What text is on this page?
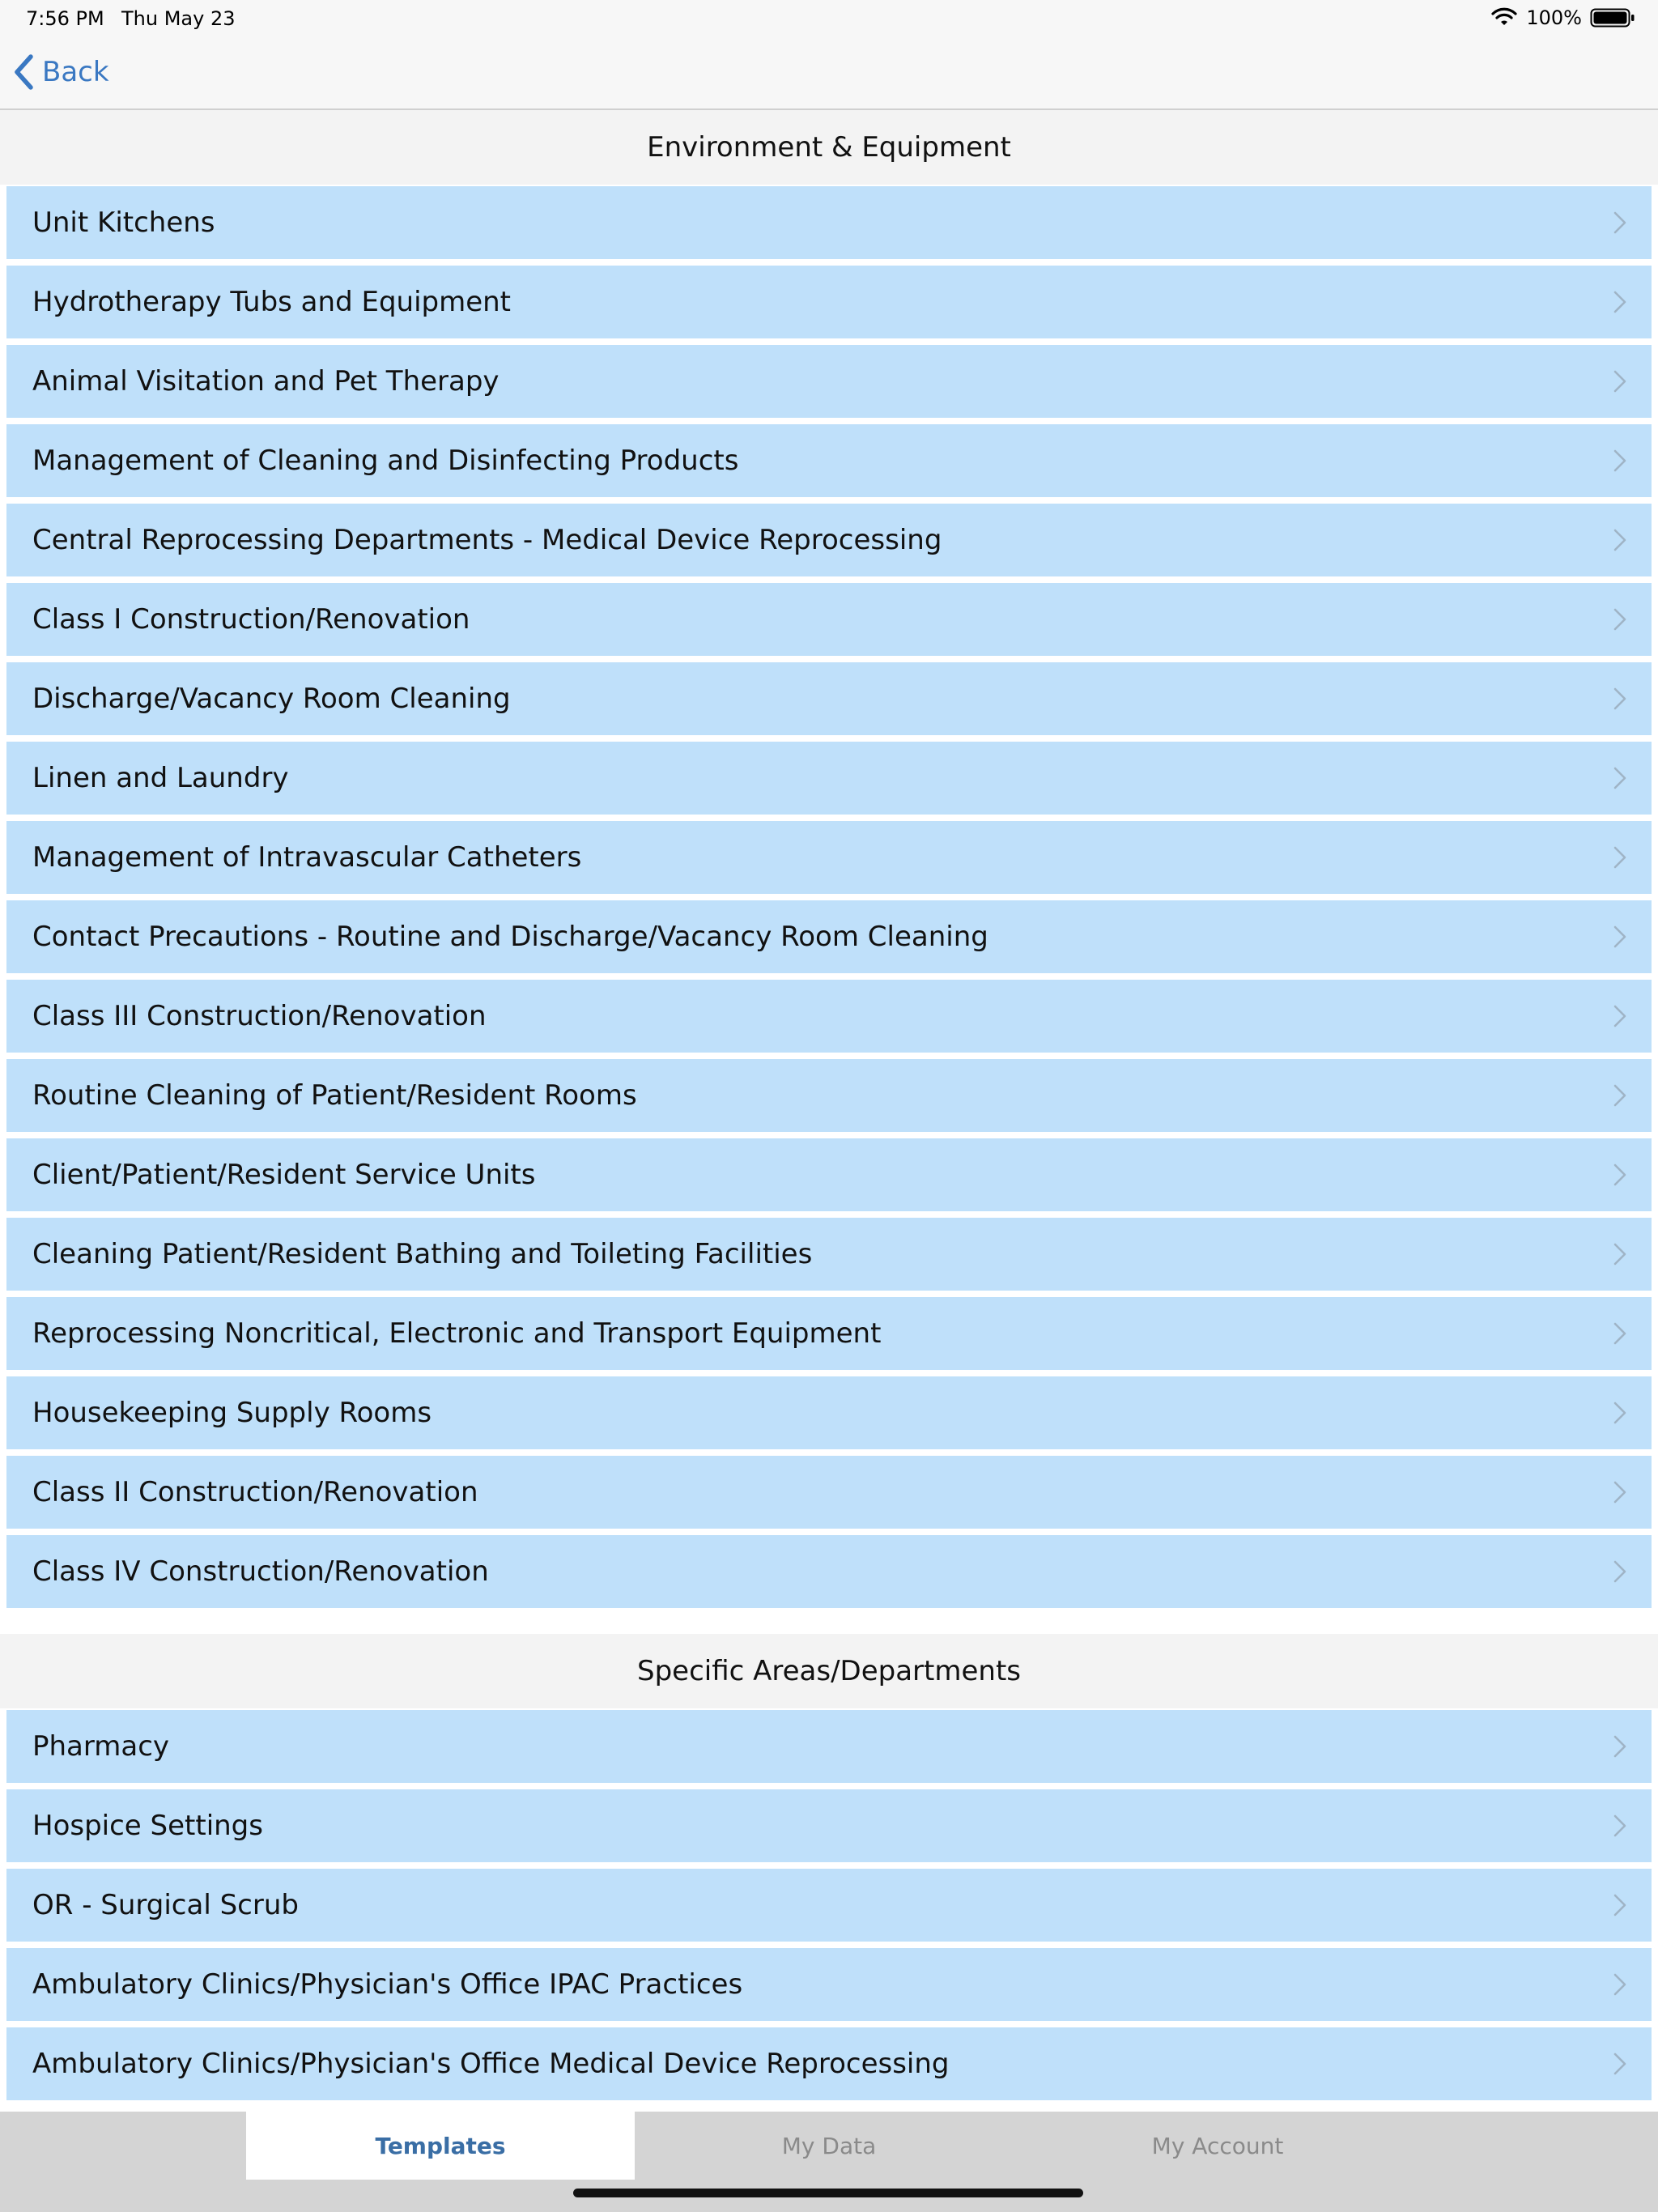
7:56 PM Thu May 23	100%
Back
Environment & Equipment
Unit Kitchens
Hydrotherapy Tubs and Equipment
Animal Visitation and Pet Therapy
Management of Cleaning and Disinfecting Products
Central Reprocessing Departments - Medical Device Reprocessing
Class I Construction/Renovation
Discharge/Vacancy Room Cleaning
Linen and Laundry
Management of Intravascular Catheters
Contact Precautions - Routine and Discharge/Vacancy Room Cleaning
Class III Construction/Renovation
Routine Cleaning of Patient/Resident Rooms
Client/Patient/Resident Service Units
Cleaning Patient/Resident Bathing and Toileting Facilities
Reprocessing Noncritical, Electronic and Transport Equipment
Housekeeping Supply Rooms
Class II Construction/Renovation
Class IV Construction/Renovation
Specific Areas/Departments
Pharmacy
Hospice Settings
OR - Surgical Scrub
Ambulatory Clinics/Physician's Office IPAC Practices
Ambulatory Clinics/Physician's Office Medical Device Reprocessing
Templates	My Data	My Account
